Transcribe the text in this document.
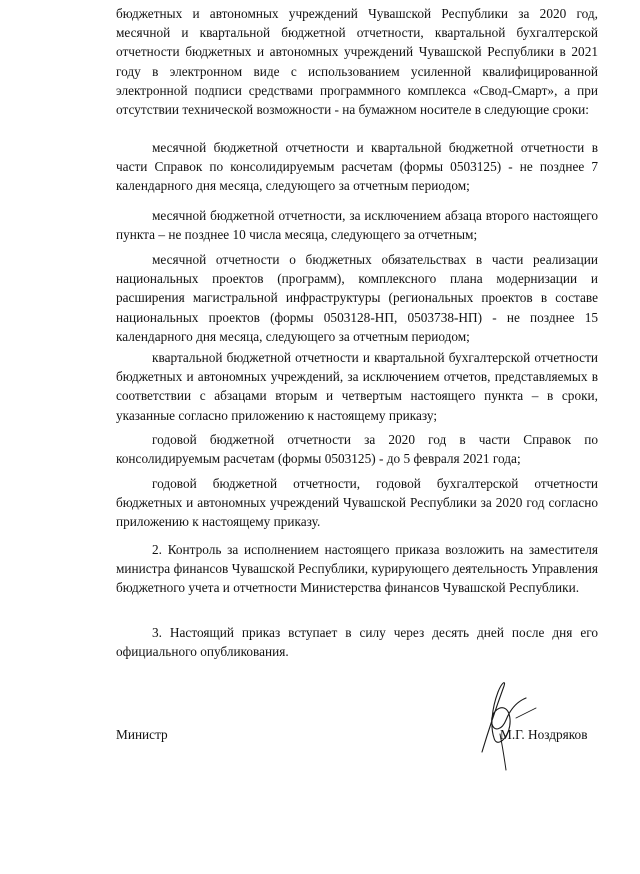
бюджетных и автономных учреждений Чувашской Республики за 2020 год, месячной и квартальной бюджетной отчетности, квартальной бухгалтерской отчетности бюджетных и автономных учреждений Чувашской Республики в 2021 году в электронном виде с использованием усиленной квалифицированной электронной подписи средствами программного комплекса «Свод-Смарт», а при отсутствии технической возможности - на бумажном носителе в следующие сроки:

месячной бюджетной отчетности и квартальной бюджетной отчетности в части Справок по консолидируемым расчетам (формы 0503125) - не позднее 7 календарного дня месяца, следующего за отчетным периодом;

месячной бюджетной отчетности, за исключением абзаца второго настоящего пункта – не позднее 10 числа месяца, следующего за отчетным;

месячной отчетности о бюджетных обязательствах в части реализации национальных проектов (программ), комплексного плана модернизации и расширения магистральной инфраструктуры (региональных проектов в составе национальных проектов (формы 0503128-НП, 0503738-НП) - не позднее 15 календарного дня месяца, следующего за отчетным периодом;

квартальной бюджетной отчетности и квартальной бухгалтерской отчетности бюджетных и автономных учреждений, за исключением отчетов, представляемых в соответствии с абзацами вторым и четвертым настоящего пункта – в сроки, указанные согласно приложению к настоящему приказу;

годовой бюджетной отчетности за 2020 год в части Справок по консолидируемым расчетам (формы 0503125) - до 5 февраля 2021 года;

годовой бюджетной отчетности, годовой бухгалтерской отчетности бюджетных и автономных учреждений Чувашской Республики за 2020 год согласно приложению к настоящему приказу.

2. Контроль за исполнением настоящего приказа возложить на заместителя министра финансов Чувашской Республики, курирующего деятельность Управления бюджетного учета и отчетности Министерства финансов Чувашской Республики.

3. Настоящий приказ вступает в силу через десять дней после дня его официального опубликования.

Министр	М.Г. Ноздряков
